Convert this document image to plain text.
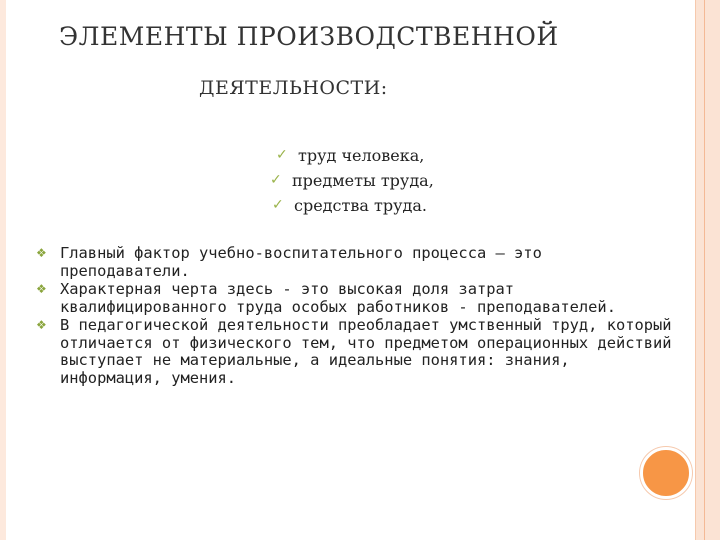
ЭЛЕМЕНТЫ ПРОИЗВОДСТВЕННОЙ
ДЕЯТЕЛЬНОСТИ:
✓ труд человека,
✓ предметы труда,
✓ средства труда.
❖ Главный фактор учебно-воспитательного процесса – это преподаватели.
❖ Характерная черта здесь - это высокая доля затрат квалифицированного труда особых работников - преподавателей.
❖ В педагогической деятельности преобладает умственный труд, который отличается от физического тем, что предметом операционных действий выступает не материальные, а идеальные понятия: знания, информация, умения.
